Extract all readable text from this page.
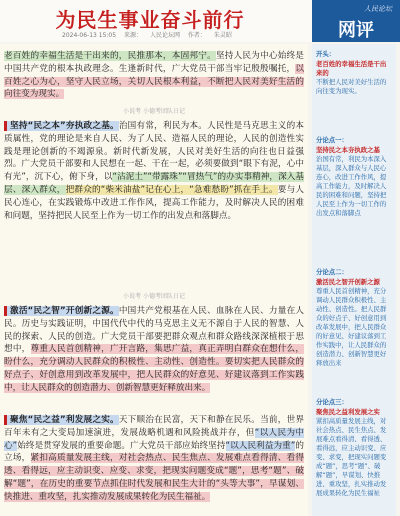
为民生事业奋斗前行
2024-06-13 15:05 来源： 人民论坛网 作者： 朱灵昭
人民论坛
网评

老百姓的幸福生活是干出来的，民推那本，本固邦宁。坚持人民为中心始终是中国共产党的根本执政理念。生逢新时代，广大党员干部当牢记殷殷嘱托，以百姓之心为心，坚守人民立场，关切人民根本利益，不断把人民对美好生活的向往变为现实。

小说考 小德考团队日记

坚持“民之本”夯执政之基。治国有常，利民为本。人民性是马克思主义的本质属性，党的理论是来自人民、为了人民、造福人民的理论，人民的创造性实践是理论创新的不竭源泉。新时代新发展，人民对美好生活的向往也日益强烈。广大党员干部要和人民想在一起、干在一起，必须要做到“眼下有泥，心中有光”，沉下心，俯下身，以“沾泥土”“带露珠”“冒热气”的办实事精神，深入基层、深入群众，把群众的“柴米油盐”记在心上，“急难愁盼”抓在手上。要与人民心连心，在实践锻炼中改进工作作风，提高工作能力，及时解决人民的困难和问题，坚持把民人民至上作为一切工作的出发点和落脚点。

小说考 小德考团队日记

激活“民之智”开创新之源。中国共产党根基在人民、血脉在人民、力量在人民。历史与实践证明，中国代代中代的马克思主义无不源自于人民的智慧、人民的探索、人民的创造。广大党员干部要把群众观点和群众路线深深植根于思想中，尊重人民首创精神，广开言路，集思广益，真正弄明白群众在想什么，盼什么，充分调动人民群众的积极性、主动性、创造性。要切实把人民群众的好点子、好创意用到改革发展中，把人民群众的好意见、好建议落到工作实践中，让人民群众的创造潜力、创新智慧更好释放出来。

聚焦“民之益”利发展之实。天下顺治在民富，天下和静在民乐。当前，世界百年未有之大变局加速演进，发展战略机遇和风险挑战并存，但“以人民为中心”始终是贯穿发展的重要命题。广大党员干部应始终坚持“以人民利益为重”的立场，紧扣高质量发展主线，对社会热点、民生焦点、发展难点看得清、看得透、看得远，应主动识变、应变、求变，把现实问题变成“题”，思考“题”、破解“题”，在历史的重要节点抓住时代发展和民生大计的“头等大事”，早谋划、快推进、重攻坚，扎实推动发展成果转化为民生福祉。

开头：
老百姓的幸福生活是干出来的
不断把人民对美好生活的向往变为现实。
分论点一：
坚持民之本夯执政之基
治国有常，利民为本深入基层，深入群众与人民心连心，改进工作作风，提高工作能力，及时解决人民的困难和问题，坚持把人民至上作为一切工作的出发点和落脚点
分论点二：
激活民之智开创新之源
尊重人民首创精神，充分调动人民群众积极性、主动性、创造性。把人民群众的好点子、好创意用到改革发展中，把人民群众的好意见、好建议落到工作实践中，让人民群众的创造潜力、创新智慧更好释放出来
分论点三：
聚焦民之益利发展之实
紧扣高质量发展主线，对社会热点、民生焦点、发展难点看得清、看得透、看得远，应主动识变、应变、求变，把现实问题变成“题”，思考“题”、破解“题”，早谋划、快推进、重攻坚，扎实推动发展成果转化为民生福祉
